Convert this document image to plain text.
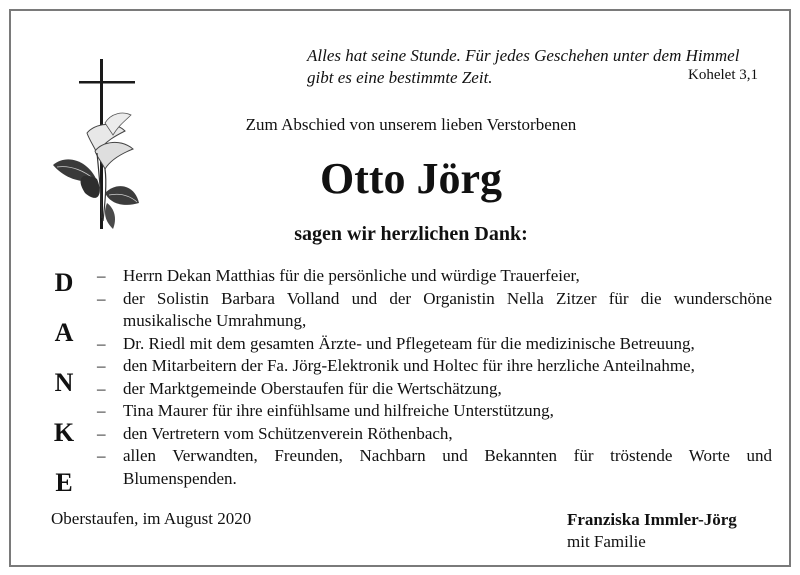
Alles hat seine Stunde. Für jedes Geschehen unter dem Himmel
gibt es eine bestimmte Zeit.	Kohelet 3,1
Zum Abschied von unserem lieben Verstorbenen
Otto Jörg
sagen wir herzlichen Dank:
D
A
N
K
E
– Herrn Dekan Matthias für die persönliche und würdige Trauerfeier,
– der Solistin Barbara Volland und der Organistin Nella Zitzer für die wunderschöne musikalische Umrahmung,
– Dr. Riedl mit dem gesamten Ärzte- und Pflegeteam für die medizinische Betreuung,
– den Mitarbeitern der Fa. Jörg-Elektronik und Holtec für ihre herzliche Anteilnahme,
– der Marktgemeinde Oberstaufen für die Wertschätzung,
– Tina Maurer für ihre einfühlsame und hilfreiche Unterstützung,
– den Vertretern vom Schützenverein Röthenbach,
– allen Verwandten, Freunden, Nachbarn und Bekannten für tröstende Worte und Blumenspenden.
Oberstaufen, im August 2020	Franziska Immler-Jörg
mit Familie
